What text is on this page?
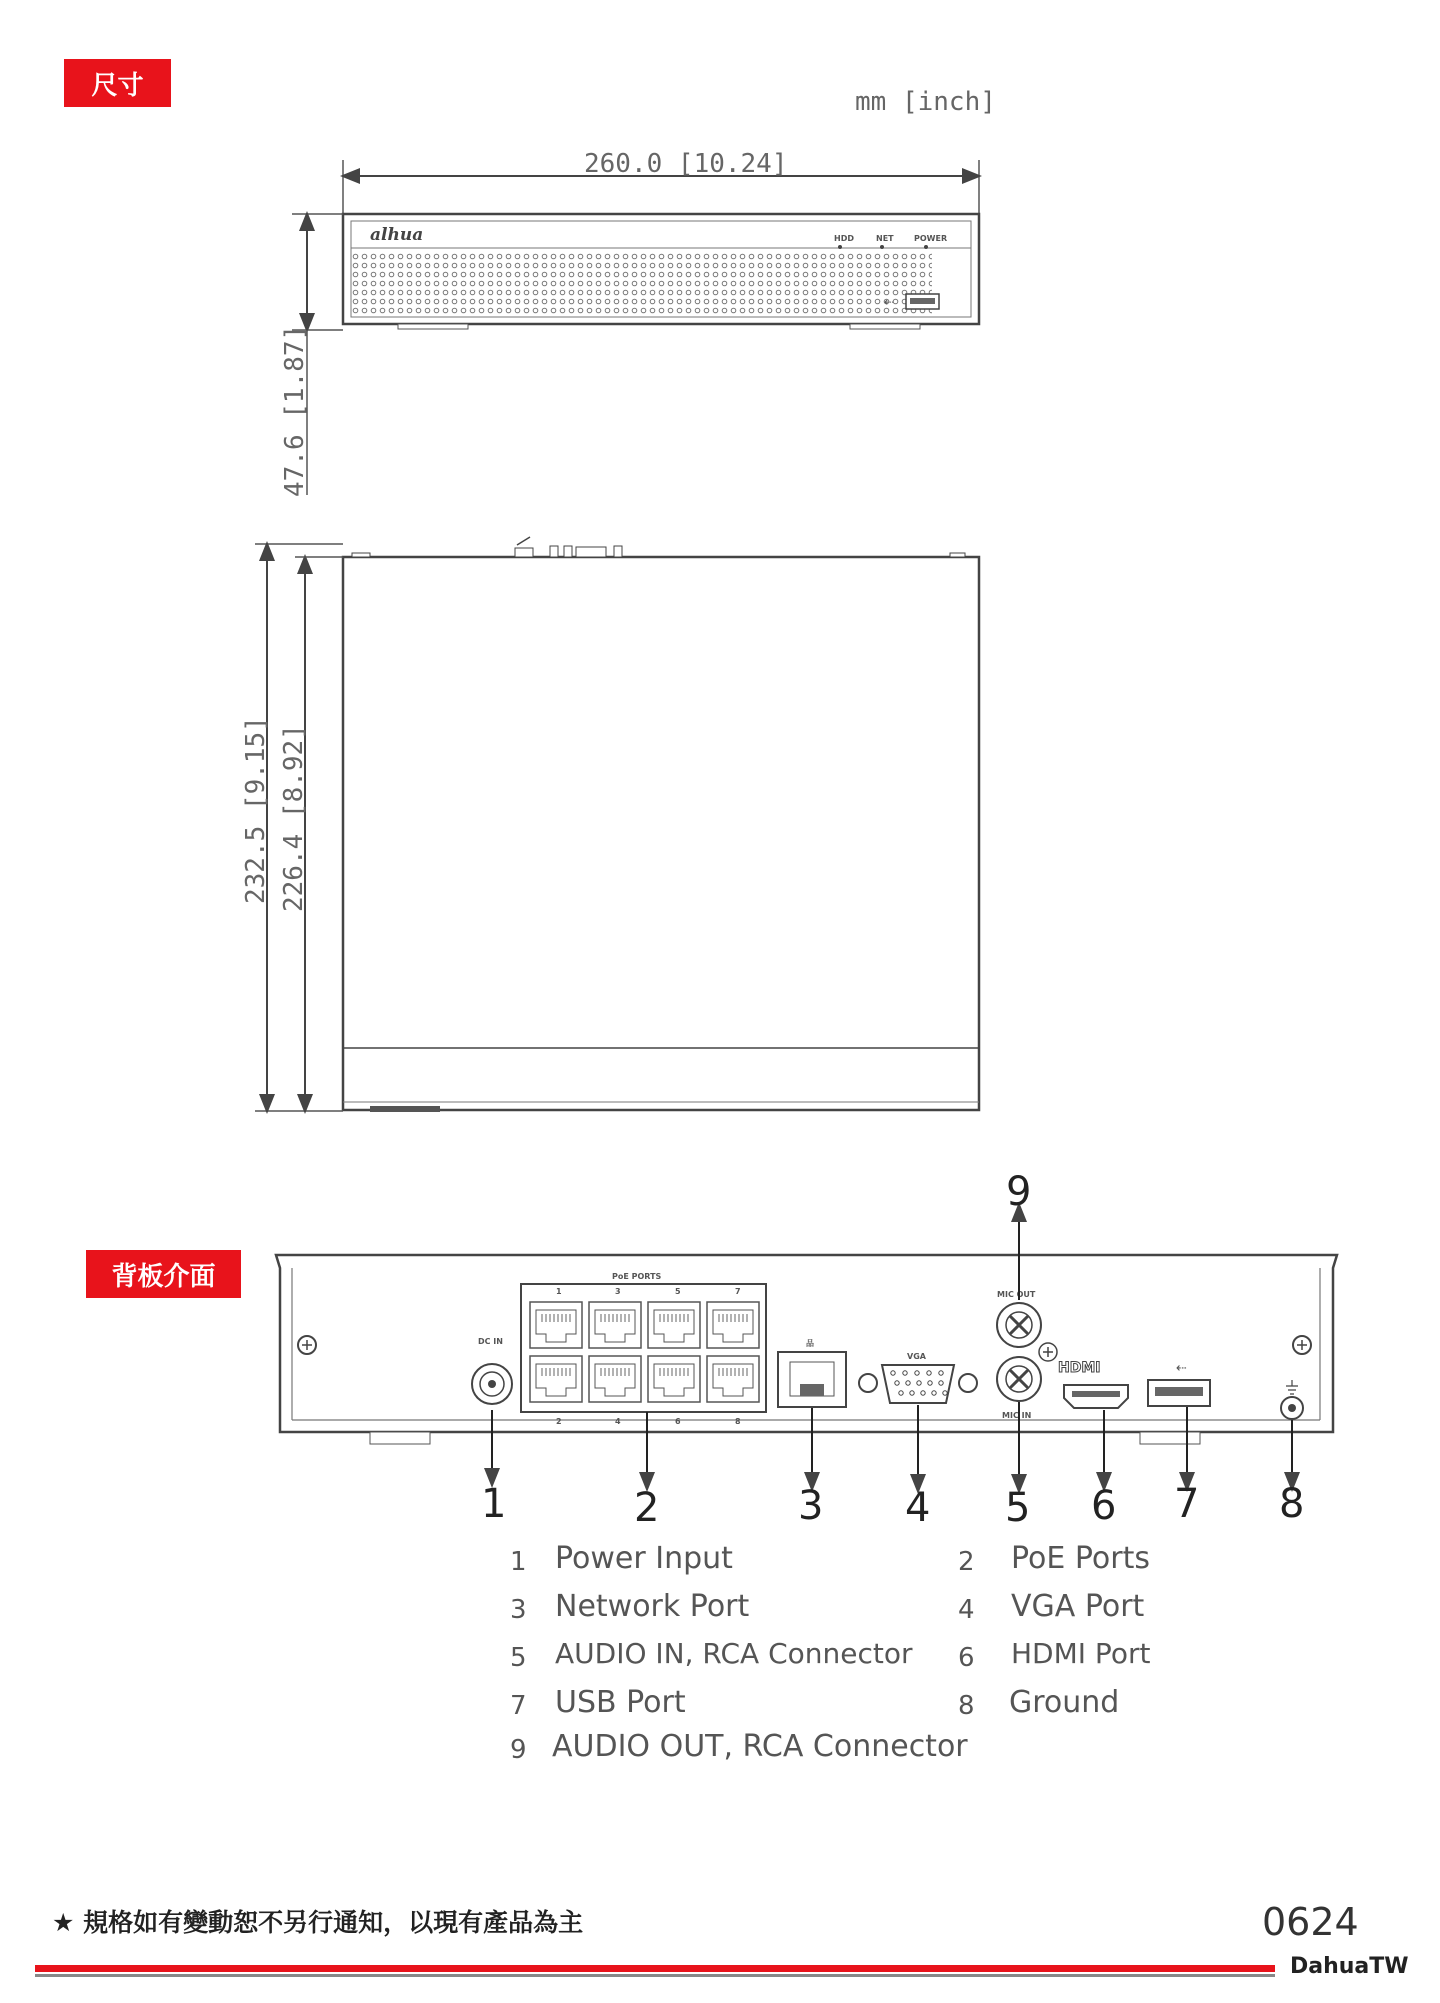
尺寸
背板介面
mm [inch]
260.0 [10.24]
alhua	HDD	NET	POWER
⇠
47.6 [1.87]
232.5 [9.15] 226.4 [8.92]
DC IN
PoE PORTS
1	3	5	7
2	4	6	8
品
VGA
MIC OUT
MIC IN
HDMI	⇠
1	2	3 4 5 6 7 8
9
1 Power Input	2 PoE Ports
3 Network Port	4 VGA Port
5 AUDIO IN, RCA Connector 6 HDMI Port
7 USB Port	8 Ground
9 AUDIO OUT, RCA Connector
★ 規格如有變動恕不另行通知，以現有產品為主	0624
DahuaTW
